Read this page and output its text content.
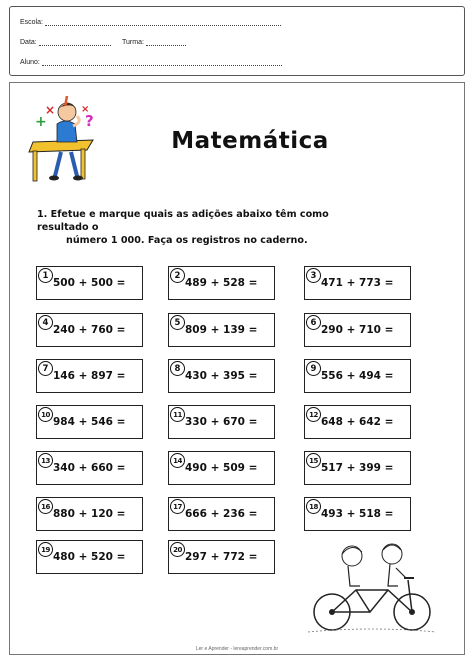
Escola:
Data:	Turma:
Aluno:
+
×
?
×
Matemática
1. Efetue e marque quais as adições abaixo têm como resultado o
número 1 000. Faça os registros no caderno.
1
500 + 500 =
2
489 + 528 =
3
471 + 773 =
4
240 + 760 =
5
809 + 139 =
6
290 + 710 =
7
146 + 897 =
8
430 + 395 =
9
556 + 494 =
10
984 + 546 =
11
330 + 670 =
12
648 + 642 =
13
340 + 660 =
14
490 + 509 =
15
517 + 399 =
16
880 + 120 =
17
666 + 236 =
18
493 + 518 =
19
480 + 520 =
20
297 + 772 =
Ler e Aprender - lereaprender.com.br
